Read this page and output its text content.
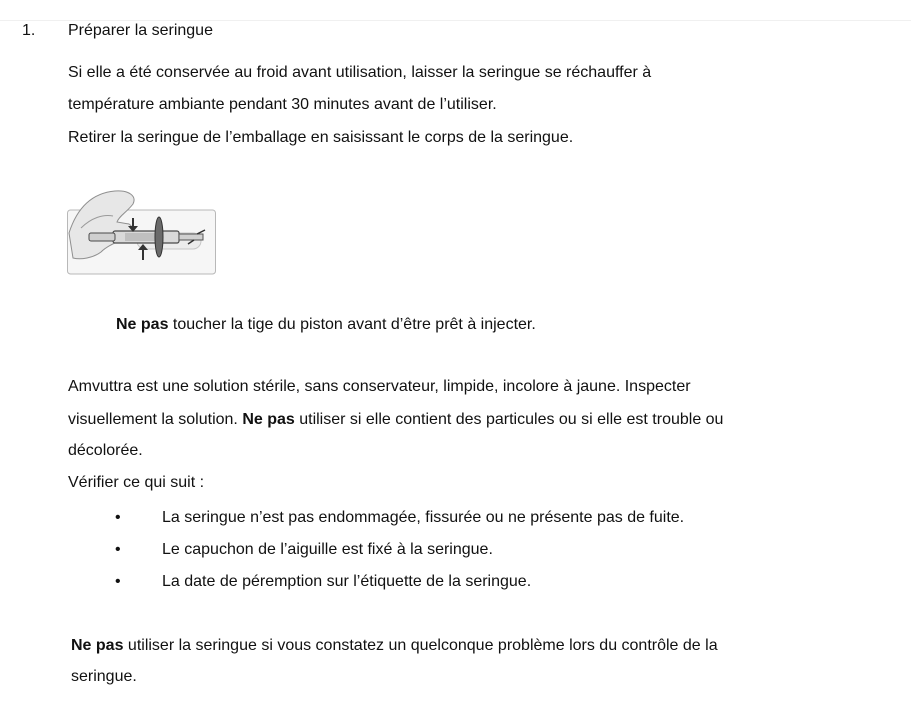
1. Préparer la seringue
Si elle a été conservée au froid avant utilisation, laisser la seringue se réchauffer à
température ambiante pendant 30 minutes avant de l’utiliser.
Retirer la seringue de l’emballage en saisissant le corps de la seringue.
Ne pas toucher la tige du piston avant d’être prêt à injecter.
Amvuttra est une solution stérile, sans conservateur, limpide, incolore à jaune. Inspecter
visuellement la solution. Ne pas utiliser si elle contient des particules ou si elle est trouble ou
décolorée.
Vérifier ce qui suit :
•	La seringue n’est pas endommagée, fissurée ou ne présente pas de fuite.
•	Le capuchon de l’aiguille est fixé à la seringue.
•	La date de péremption sur l’étiquette de la seringue.
Ne pas utiliser la seringue si vous constatez un quelconque problème lors du contrôle de la
seringue.
